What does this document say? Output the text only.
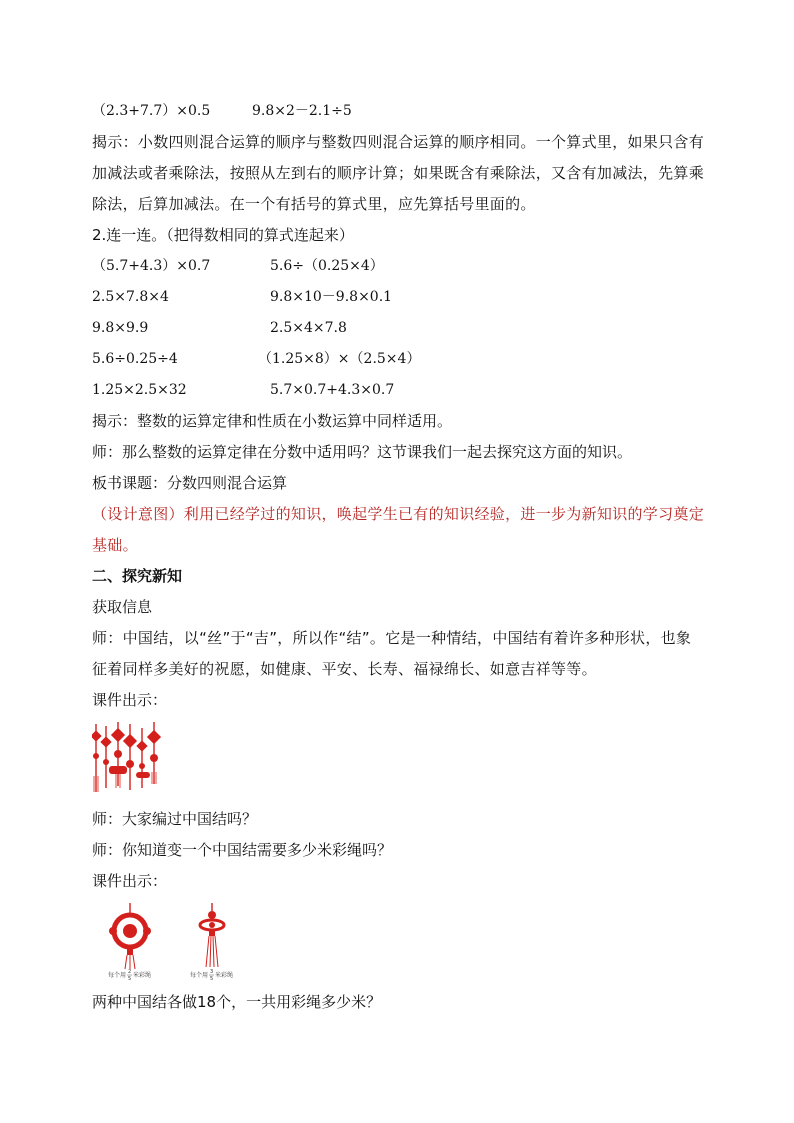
（2.3+7.7）×0.5	9.8×2－2.1÷5
揭示：小数四则混合运算的顺序与整数四则混合运算的顺序相同。一个算式里，如果只含有加减法或者乘除法，按照从左到右的顺序计算；如果既含有乘除法，又含有加减法，先算乘除法，后算加减法。在一个有括号的算式里，应先算括号里面的。
2.连一连。（把得数相同的算式连起来）
（5.7+4.3）×0.7	5.6÷（0.25×4）
2.5×7.8×4	9.8×10－9.8×0.1
9.8×9.9	2.5×4×7.8
5.6÷0.25÷4	（1.25×8）×（2.5×4）
1.25×2.5×32	5.7×0.7+4.3×0.7
揭示：整数的运算定律和性质在小数运算中同样适用。
师：那么整数的运算定律在分数中适用吗？这节课我们一起去探究这方面的知识。
板书课题：分数四则混合运算
（设计意图）利用已经学过的知识，唤起学生已有的知识经验，进一步为新知识的学习奠定基础。
二、探究新知
获取信息
师：中国结，以“丝”于“吉”，所以作“结”。它是一种情结，中国结有着许多种形状，也象征着同样多美好的祝愿，如健康、平安、长寿、福禄绵长、如意吉祥等等。
课件出示：
师：大家编过中国结吗？
师：你知道变一个中国结需要多少米彩绳吗？
课件出示：
每个用 2
5 米彩绳	每个用 3
5 米彩绳
两种中国结各做18个，一共用彩绳多少米？
